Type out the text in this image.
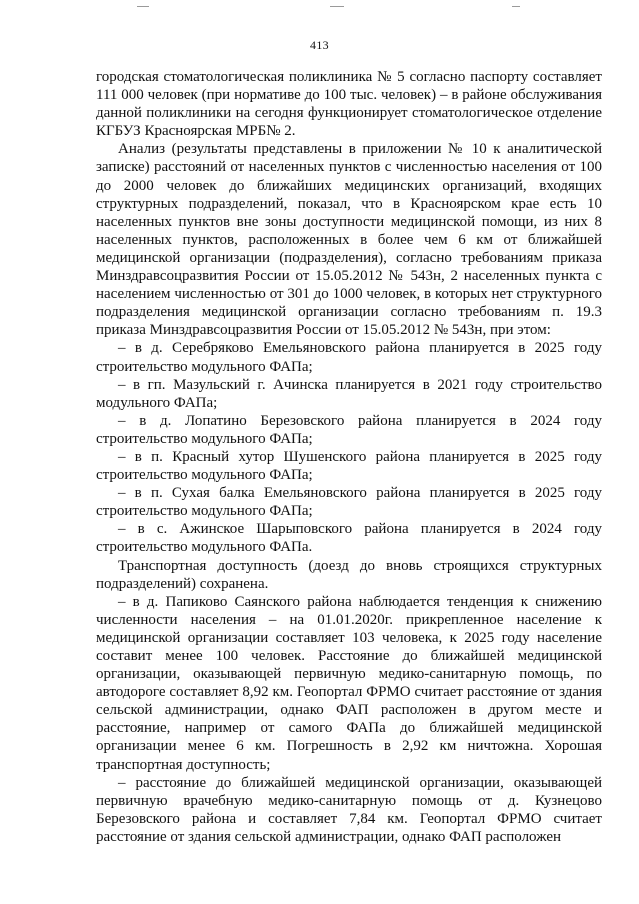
413

городская стоматологическая поликлиника № 5 согласно паспорту составляет 111 000 человек (при нормативе до 100 тыс. человек) – в районе обслуживания данной поликлиники на сегодня функционирует стоматологическое отделение КГБУЗ Красноярская МРБ№ 2.

Анализ (результаты представлены в приложении № 10 к аналитической записке) расстояний от населенных пунктов с численностью населения от 100 до 2000 человек до ближайших медицинских организаций, входящих структурных подразделений, показал, что в Красноярском крае есть 10 населенных пунктов вне зоны доступности медицинской помощи, из них 8 населенных пунктов, расположенных в более чем 6 км от ближайшей медицинской организации (подразделения), согласно требованиям приказа Минздравсоцразвития России от 15.05.2012 № 543н, 2 населенных пункта с населением численностью от 301 до 1000 человек, в которых нет структурного подразделения медицинской организации согласно требованиям п. 19.3 приказа Минздравсоцразвития России от 15.05.2012 № 543н, при этом:

– в д. Серебряково Емельяновского района планируется в 2025 году строительство модульного ФАПа;

– в гп. Мазульский г. Ачинска планируется в 2021 году строительство модульного ФАПа;

– в д. Лопатино Березовского района планируется в 2024 году строительство модульного ФАПа;

– в п. Красный хутор Шушенского района планируется в 2025 году строительство модульного ФАПа;

– в п. Сухая балка Емельяновского района планируется в 2025 году строительство модульного ФАПа;

– в с. Ажинское Шарыповского района планируется в 2024 году строительство модульного ФАПа.

Транспортная доступность (доезд до вновь строящихся структурных подразделений) сохранена.

– в д. Папиково Саянского района наблюдается тенденция к снижению численности населения – на 01.01.2020г. прикрепленное население к медицинской организации составляет 103 человека, к 2025 году население составит менее 100 человек. Расстояние до ближайшей медицинской организации, оказывающей первичную медико-санитарную помощь, по автодороге составляет 8,92 км. Геопортал ФРМО считает расстояние от здания сельской администрации, однако ФАП расположен в другом месте и расстояние, например от самого ФАПа до ближайшей медицинской организации менее 6 км. Погрешность в 2,92 км ничтожна. Хорошая транспортная доступность;

– расстояние до ближайшей медицинской организации, оказывающей первичную врачебную медико-санитарную помощь от д. Кузнецово Березовского района и составляет 7,84 км. Геопортал ФРМО считает расстояние от здания сельской администрации, однако ФАП расположен
